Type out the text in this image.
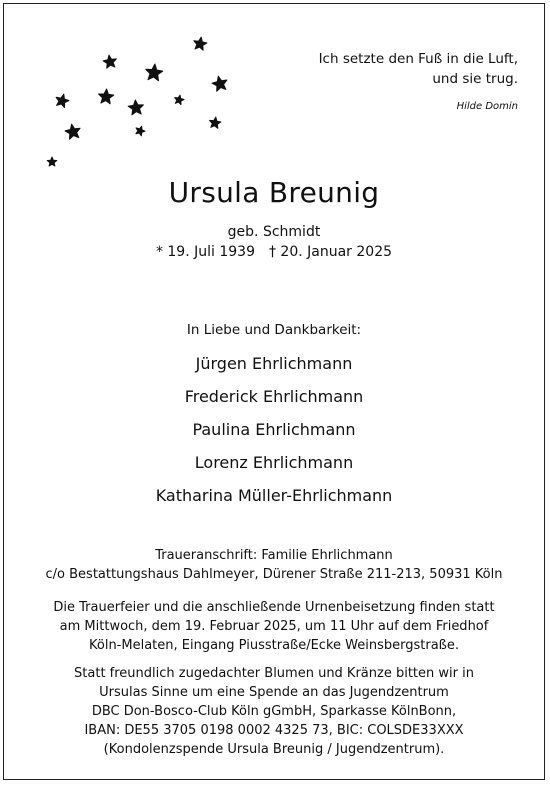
Ich setzte den Fuß in die Luft,
und sie trug.
Hilde Domin
Ursula Breunig
geb. Schmidt
* 19. Juli 1939 † 20. Januar 2025
In Liebe und Dankbarkeit:
Jürgen Ehrlichmann
Frederick Ehrlichmann
Paulina Ehrlichmann
Lorenz Ehrlichmann
Katharina Müller-Ehrlichmann
Traueranschrift: Familie Ehrlichmann
c/o Bestattungshaus Dahlmeyer, Dürener Straße 211-213, 50931 Köln
Die Trauerfeier und die anschließende Urnenbeisetzung finden statt
am Mittwoch, dem 19. Februar 2025, um 11 Uhr auf dem Friedhof
Köln-Melaten, Eingang Piusstraße/Ecke Weinsbergstraße.
Statt freundlich zugedachter Blumen und Kränze bitten wir in
Ursulas Sinne um eine Spende an das Jugendzentrum
DBC Don-Bosco-Club Köln gGmbH, Sparkasse KölnBonn,
IBAN: DE55 3705 0198 0002 4325 73, BIC: COLSDE33XXX
(Kondolenzspende Ursula Breunig / Jugendzentrum).
